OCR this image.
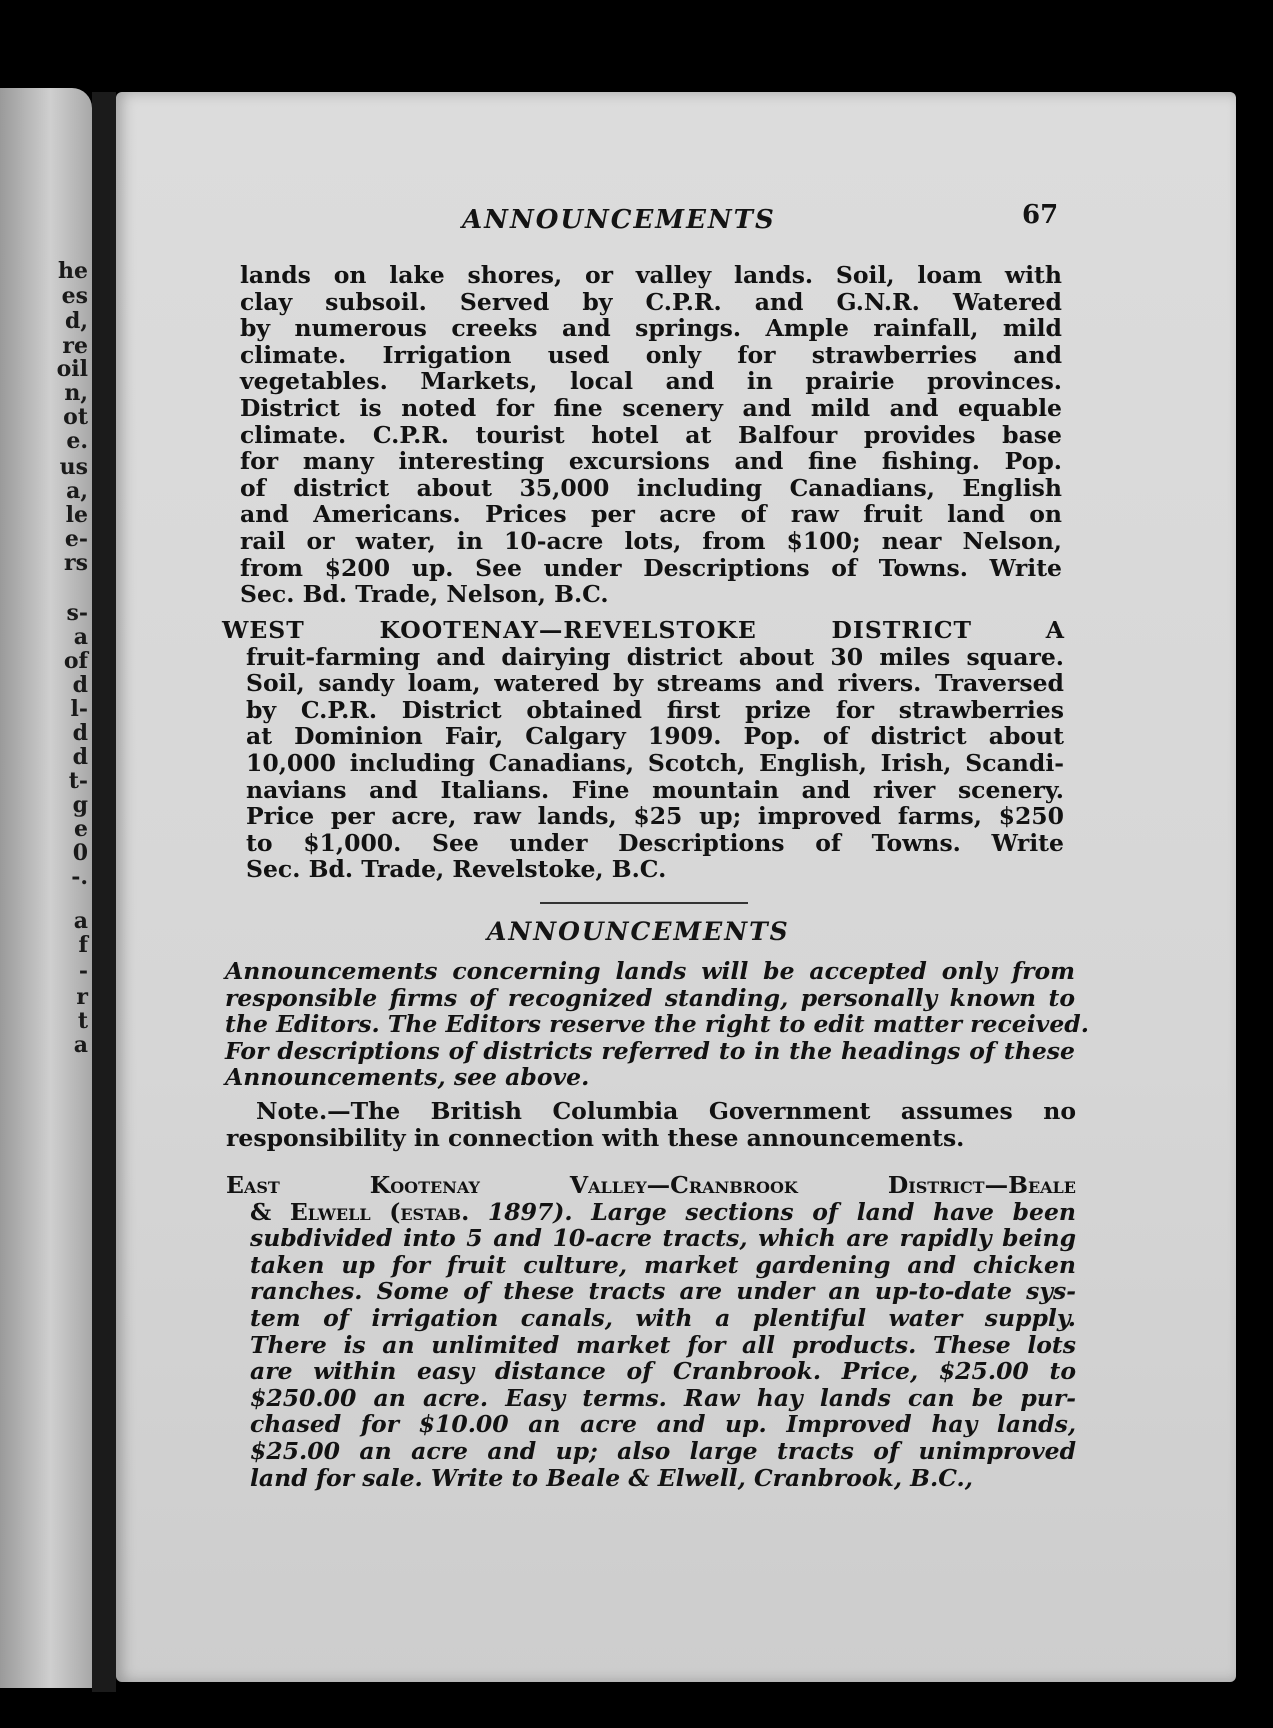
he
es
d,
re
oil
n,
ot
e.
us
a,
le
e-
rs
s-
a
of
d
l-
d
d
t-
g
e
0
-.
a
f
-
r
t
a
ANNOUNCEMENTS	67
lands on lake shores, or valley lands. Soil, loam with
clay subsoil. Served by C.P.R. and G.N.R. Watered
by numerous creeks and springs. Ample rainfall, mild
climate. Irrigation used only for strawberries and
vegetables. Markets, local and in prairie provinces.
District is noted for fine scenery and mild and equable
climate. C.P.R. tourist hotel at Balfour provides base
for many interesting excursions and fine fishing. Pop.
of district about 35,000 including Canadians, English
and Americans. Prices per acre of raw fruit land on
rail or water, in 10-acre lots, from $100; near Nelson,
from $200 up. See under Descriptions of Towns. Write
Sec. Bd. Trade, Nelson, B.C.
WEST KOOTENAY—REVELSTOKE DISTRICT	A
fruit-farming and dairying district about 30 miles square.
Soil, sandy loam, watered by streams and rivers. Traversed
by C.P.R. District obtained first prize for strawberries
at Dominion Fair, Calgary 1909. Pop. of district about
10,000 including Canadians, Scotch, English, Irish, Scandi-
navians and Italians. Fine mountain and river scenery.
Price per acre, raw lands, $25 up; improved farms, $250
to $1,000. See under Descriptions of Towns. Write
Sec. Bd. Trade, Revelstoke, B.C.
ANNOUNCEMENTS
Announcements concerning lands will be accepted only from
responsible firms of recognized standing, personally known to
the Editors. The Editors reserve the right to edit matter received.
For descriptions of districts referred to in the headings of these
Announcements, see above.
Note.—The British Columbia Government assumes no
responsibility in connection with these announcements.
East Kootenay Valley—Cranbrook District—Beale
& Elwell (estab. 1897). Large sections of land have been
subdivided into 5 and 10-acre tracts, which are rapidly being
taken up for fruit culture, market gardening and chicken
ranches. Some of these tracts are under an up-to-date sys-
tem of irrigation canals, with a plentiful water supply.
There is an unlimited market for all products. These lots
are within easy distance of Cranbrook. Price, $25.00 to
$250.00 an acre. Easy terms. Raw hay lands can be pur-
chased for $10.00 an acre and up. Improved hay lands,
$25.00 an acre and up; also large tracts of unimproved
land for sale. Write to Beale & Elwell, Cranbrook, B.C.,
